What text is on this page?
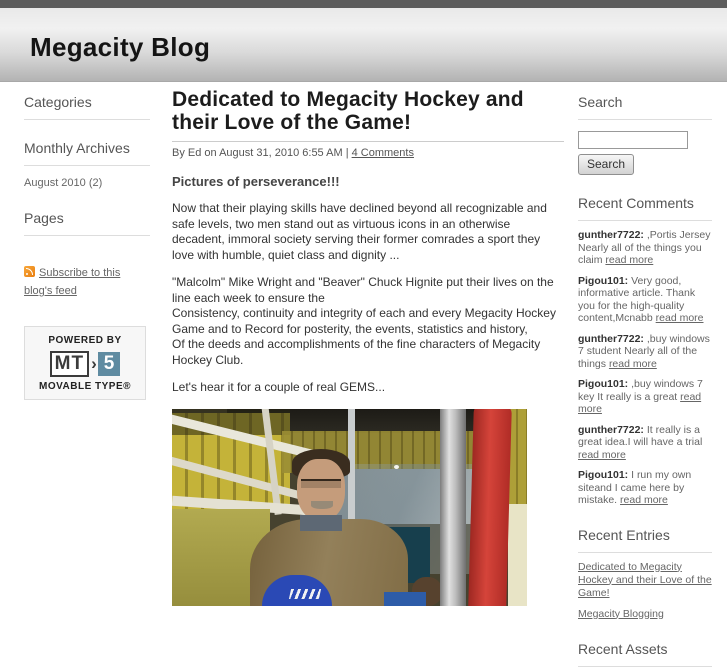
Megacity Blog
Categories
Monthly Archives
August 2010 (2)
Pages
Subscribe to this blog's feed
POWERED BY
MT › 5
MOVABLE TYPE®
Dedicated to Megacity Hockey and their Love of the Game!
By Ed on August 31, 2010 6:55 AM | 4 Comments
Pictures of perseverance!!!

Now that their playing skills have declined beyond all recognizable and safe levels, two men stand out as virtuous icons in an otherwise decadent, immoral society serving their former comrades a sport they love with humble, quiet class and dignity ...

"Malcolm" Mike Wright and "Beaver" Chuck Hignite put their lives on the line each week to ensure the
Consistency, continuity and integrity of each and every Megacity Hockey Game and to Record for posterity, the events, statistics and history,
Of the deeds and accomplishments of the fine characters of Megacity Hockey Club.

Let's hear it for a couple of real GEMS...

Search
Search
Recent Comments
gunther7722: ,Portis Jersey Nearly all of the things you claim read more
Pigou101: Very good, informative article. Thank you for the high-quality content,Mcnabb read more
gunther7722: ,buy windows 7 student Nearly all of the things read more
Pigou101: ,buy windows 7 key It really is a great read more
gunther7722: It really is a great idea.I will have a trial read more
Pigou101: I run my own siteand I came here by mistake. read more
Recent Entries
Dedicated to Megacity Hockey and their Love of the Game!
Megacity Blogging
Recent Assets
